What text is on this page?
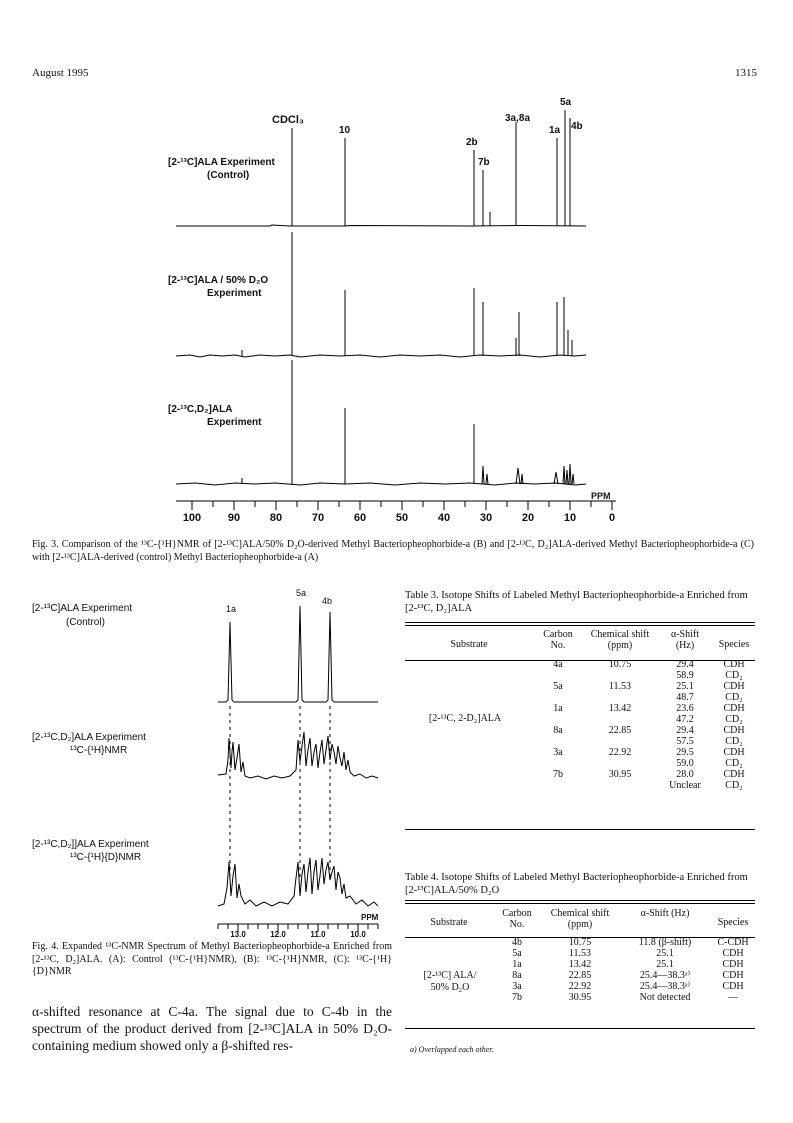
August 1995	1315
CDCl₃
10
2b
7b
3a,8a
5a
1a 4b
[2-¹³C]ALA Experiment
(Control)
[2-¹³C]ALA / 50% D₂O
Experiment
[2-¹³C,D₂]ALA
Experiment
PPM
100	90	80	70	60	50	40	30	20	10	0
Fig. 3. Comparison of the ¹³C-{¹H}NMR of [2-¹³C]ALA/50% D₂O-derived Methyl Bacteriopheophorbide-a (B) and [2-¹³C, D₂]ALA-derived Methyl Bacteriopheophorbide-a (C) with [2-¹³C]ALA-derived (control) Methyl Bacteriopheophorbide-a (A)
5a
1a
4b
[2-¹³C]ALA Experiment
(Control)
[2-¹³C,D₂]ALA Experiment
¹³C-{¹H}NMR
[2-¹³C,D₂]]ALA Experiment
¹³C-{¹H}{D}NMR
PPM
13.0	12.0	11.0	10.0
Fig. 4. Expanded ¹³C-NMR Spectrum of Methyl Bacteriopheophorbide-a Enriched from [2-¹³C, D₂]ALA. (A): Control (¹³C-{¹H}NMR), (B): ¹³C-{¹H}NMR, (C): ¹³C-{¹H}{D}NMR
α-shifted resonance at C-4a. The signal due to C-4b in the spectrum of the product derived from [2-¹³C]ALA in 50% D₂O-containing medium showed only a β-shifted res-
Table 3. Isotope Shifts of Labeled Methyl Bacteriopheophorbide-a Enriched from [2-¹³C, D₂]ALA
Substrate	Carbon No.	Chemical shift (ppm)	α-Shift (Hz)	Species
	4a	10.75	29.4	CDH
			58.9	CD₂
	5a	11.53	25.1	CDH
			48.7	CD₂
	1a	13.42	23.6	CDH
			47.2	CD₂
	8a	22.85	29.4	CDH
			57.5	CD₂
	3a	22.92	29.5	CDH
			59.0	CD₂
	7b	30.95	28.0	CDH
			Unclear	CD₂
[2-¹³C, 2-D₂]ALA
Table 4. Isotope Shifts of Labeled Methyl Bacteriopheophorbide-a Enriched from [2-¹³C]ALA/50% D₂O
Substrate	Carbon No.	Chemical shift (ppm)	α-Shift (Hz)	Species
	4b	10.75	11.8 (β-shift)	C-CDH
	5a	11.53	25.1	CDH
	1a	13.42	25.1	CDH
	8a	22.85	25.4—38.3ᵃ⁾	CDH
	3a	22.92	25.4—38.3ᵃ⁾	CDH
	7b	30.95	Not detected	—
[2-¹³C] ALA/
50% D₂O
a) Overlapped each other.
